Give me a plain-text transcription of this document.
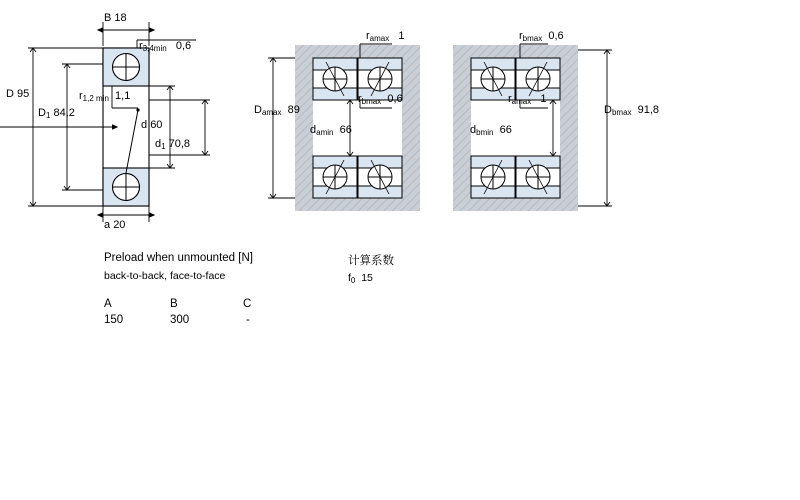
B 18
$r_{3,4min}$ 0,6
D 95
$D_1$ 84,2
$r_{1,2 min}$ 1,1
d 60
$d_1$ 70,8
a 20
$r_{amax}$ 1	$r_{bmax}$ 0,6
$D_{amax}$ 89
$r_{bmax}$ 0,6	$r_{amax}$ 1
$d_{amin}$ 66
$D_{bmax}$ 91,8
$d_{bmin}$ 66
Preload when unmounted [N]
back-to-back, face-to-face
A	B	C
150	300	-
计算系数
$f_0$ 15
